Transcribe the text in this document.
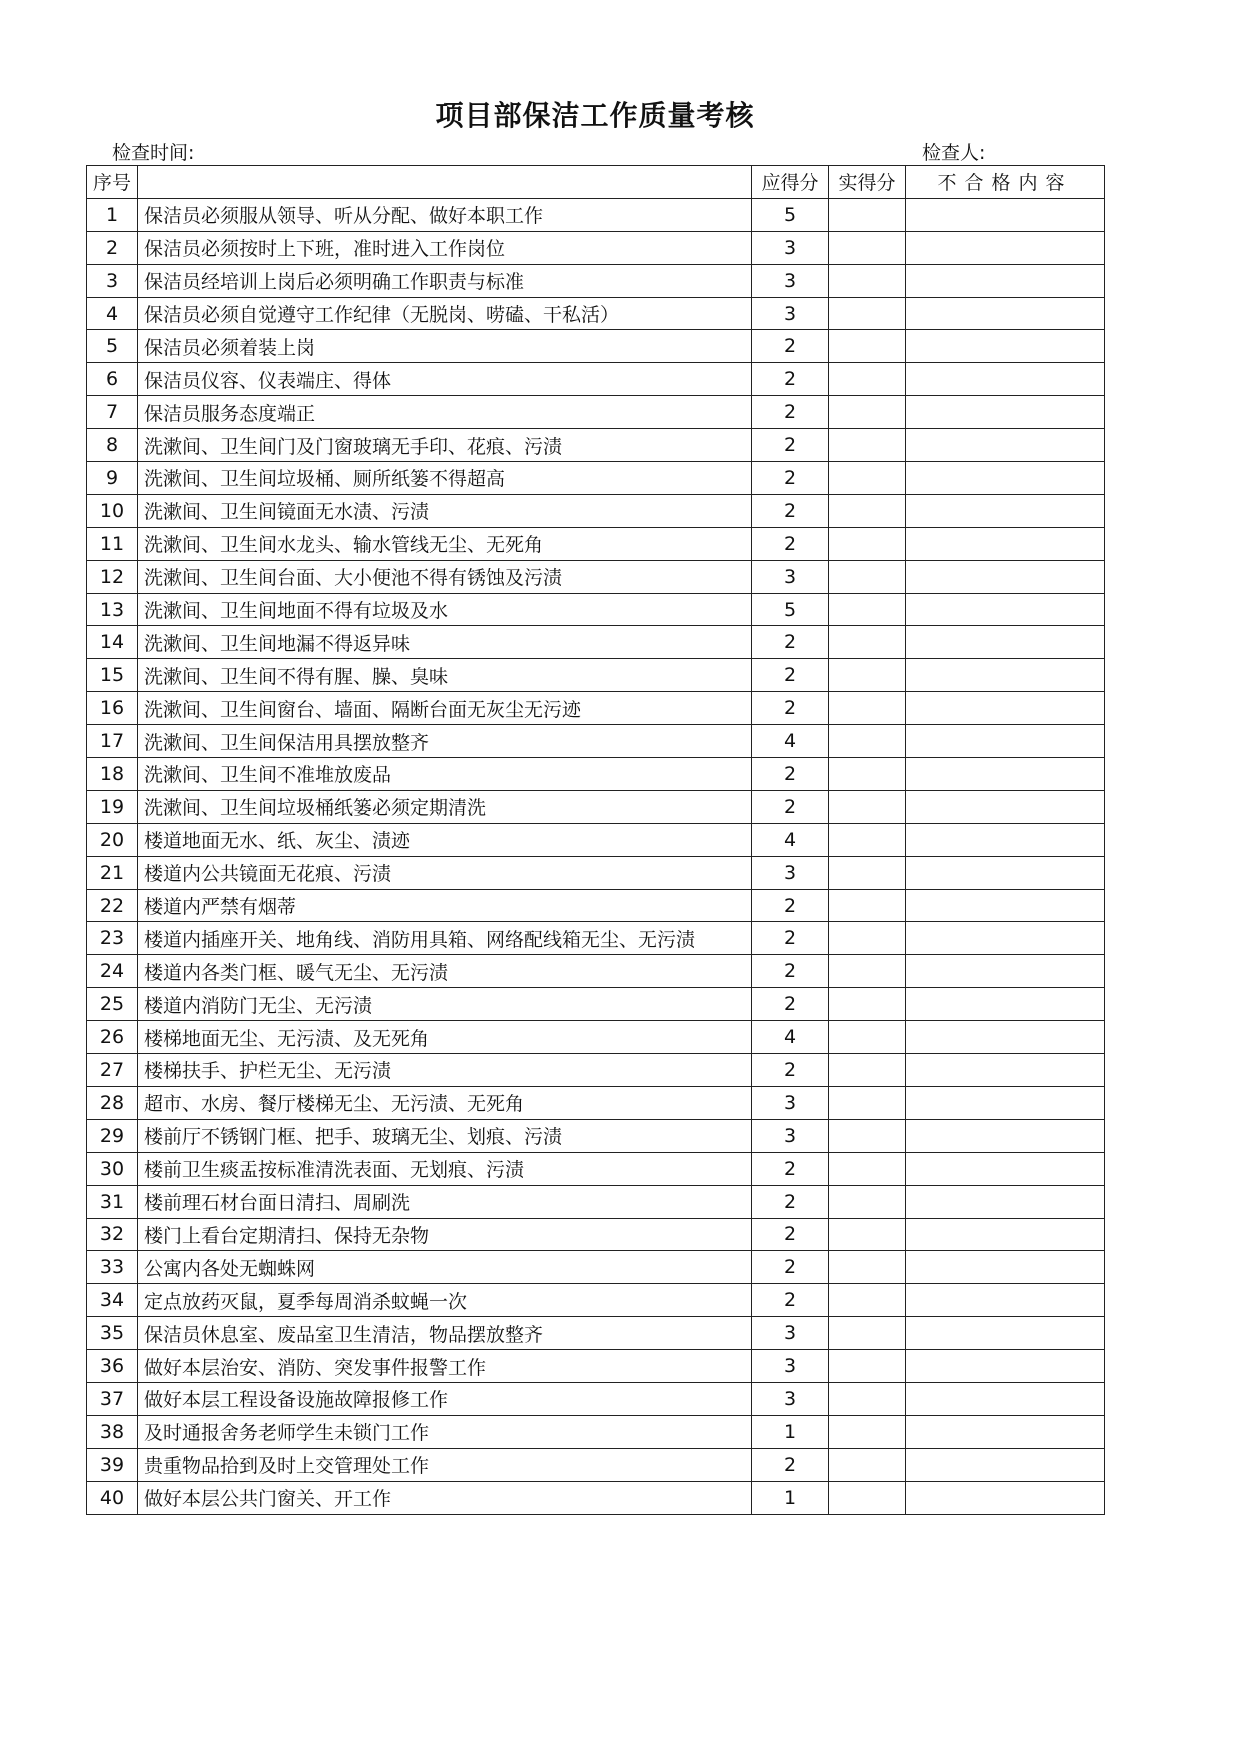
项目部保洁工作质量考核
检查时间:	检查人:
序号		应得分	实得分	不合格内容
1	保洁员必须服从领导、听从分配、做好本职工作	5		
2	保洁员必须按时上下班，准时进入工作岗位	3		
3	保洁员经培训上岗后必须明确工作职责与标准	3		
4	保洁员必须自觉遵守工作纪律（无脱岗、唠磕、干私活）	3		
5	保洁员必须着装上岗	2		
6	保洁员仪容、仪表端庄、得体	2		
7	保洁员服务态度端正	2		
8	洗漱间、卫生间门及门窗玻璃无手印、花痕、污渍	2		
9	洗漱间、卫生间垃圾桶、厕所纸篓不得超高	2		
10	洗漱间、卫生间镜面无水渍、污渍	2		
11	洗漱间、卫生间水龙头、输水管线无尘、无死角	2		
12	洗漱间、卫生间台面、大小便池不得有锈蚀及污渍	3		
13	洗漱间、卫生间地面不得有垃圾及水	5		
14	洗漱间、卫生间地漏不得返异味	2		
15	洗漱间、卫生间不得有腥、臊、臭味	2		
16	洗漱间、卫生间窗台、墙面、隔断台面无灰尘无污迹	2		
17	洗漱间、卫生间保洁用具摆放整齐	4		
18	洗漱间、卫生间不准堆放废品	2		
19	洗漱间、卫生间垃圾桶纸篓必须定期清洗	2		
20	楼道地面无水、纸、灰尘、渍迹	4		
21	楼道内公共镜面无花痕、污渍	3		
22	楼道内严禁有烟蒂	2		
23	楼道内插座开关、地角线、消防用具箱、网络配线箱无尘、无污渍	2		
24	楼道内各类门框、暖气无尘、无污渍	2		
25	楼道内消防门无尘、无污渍	2		
26	楼梯地面无尘、无污渍、及无死角	4		
27	楼梯扶手、护栏无尘、无污渍	2		
28	超市、水房、餐厅楼梯无尘、无污渍、无死角	3		
29	楼前厅不锈钢门框、把手、玻璃无尘、划痕、污渍	3		
30	楼前卫生痰盂按标准清洗表面、无划痕、污渍	2		
31	楼前理石材台面日清扫、周刷洗	2		
32	楼门上看台定期清扫、保持无杂物	2		
33	公寓内各处无蜘蛛网	2		
34	定点放药灭鼠，夏季每周消杀蚊蝇一次	2		
35	保洁员休息室、废品室卫生清洁，物品摆放整齐	3		
36	做好本层治安、消防、突发事件报警工作	3		
37	做好本层工程设备设施故障报修工作	3		
38	及时通报舍务老师学生未锁门工作	1		
39	贵重物品拾到及时上交管理处工作	2		
40	做好本层公共门窗关、开工作	1		
